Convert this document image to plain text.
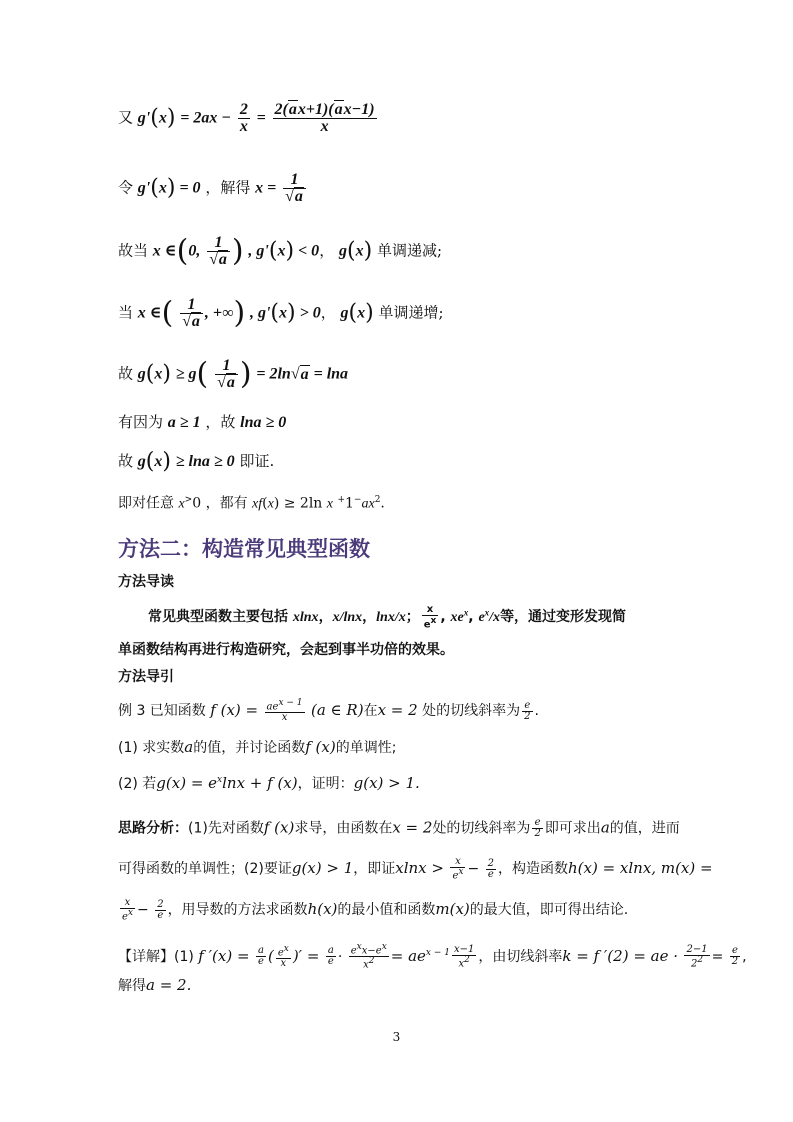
又 $g'(x) = 2ax - \frac{2}{x} = \frac{2(ax+1)(ax-1)}{x}$
令 g'(x) = 0 ，解得 $x = \frac{1}{√a}$
故当 x ∈(0, $\frac{1}{√a}$ ) , g'(x) < 0， g(x) 单调递减;
当 x ∈( $\frac{1}{√a}$ , +∞) , g'(x) > 0， g(x) 单调递增;
故 $g(x) \ge g( \frac{1}{√a}$ ) = 2ln√a = lna
有因为 a ≥ 1 ，故 lna ≥ 0
故 g(x) ≥ lna ≥ 0 即证.
即对任意 x>0 ，都有 xf(x) ≥ 2ln x $^+1^-ax^2$.
方法二：构造常见典型函数
方法导读
常见典型函数主要包括 xlnx，x/lnx，lnx/x； $\frac{x}{e^x}$ , $xe^x$, $e^x/x$等，通过变形发现简
单函数结构再进行构造研究，会起到事半功倍的效果。
方法导引
例 3 已知函数 f $(x) = \frac{ae^{x - 1}}{x} (a$ ∈ R)在x = 2 处的切线斜率为 $\frac{e}{2}$ .
(1) 求实数a的值，并讨论函数f (x)的单调性;
(2) 若$g(x) = e^x\ln x + f$ (x)，证明：g(x) > 1.
思路分析：(1)先对函数f (x)求导，由函数在x = 2处的切线斜率为 $\frac{e}{2}$ 即可求出a的值，进而
可得函数的单调性；(2)要证g(x) > 1，即证$xlnx > \frac{x}{e^x} - \frac{2}{e}$ ，构造函数h(x) = xlnx, m(x) =
$\frac{x}{e^x} - \frac{2}{e}$ ，用导数的方法求函数h(x)的最小值和函数m(x)的最大值，即可得出结论.
【详解】(1) f $'(x) = \frac{a}{e}$ ( $\frac{e^x}{x}$ )′ = $\frac{a}{e} \cdot \frac{e^xx-e^x}{x^2} = ae^{x - 1} \frac{x-1}{x^2}$ ，由切线斜率k = f ′(2) = ae · $\frac{2-1}{2^2} = \frac{e}{2}$ ,
解得a = 2.
3
